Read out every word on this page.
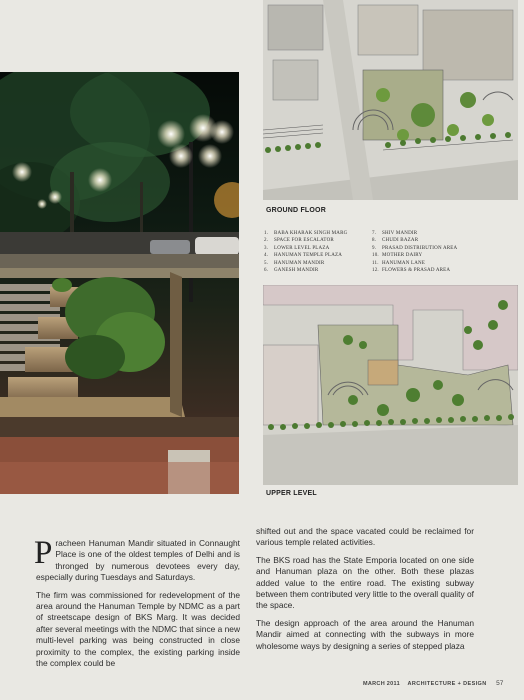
GROUND FLOOR
1. BABA KHARAK SINGH MARG
2. SPACE FOR ESCALATOR
3. LOWER LEVEL PLAZA
4. HANUMAN TEMPLE PLAZA
5. HANUMAN MANDIR
6. GANESH MANDIR
7. SHIV MANDIR
8. CHUDI BAZAR
9. PRASAD DISTRIBUTION AREA
10. MOTHER DAIRY
11. HANUMAN LANE
12. FLOWERS & PRASAD AREA
UPPER LEVEL

Pracheen Hanuman Mandir situated in Connaught Place is one of the oldest temples of Delhi and is thronged by numerous devotees every day, especially during Tuesdays and Saturdays.

The firm was commissioned for redevelopment of the area around the Hanuman Temple by NDMC as a part of streetscape design of BKS Marg. It was decided after several meetings with the NDMC that since a new multi-level parking was being constructed in close proximity to the complex, the existing parking inside the complex could be

shifted out and the space vacated could be reclaimed for various temple related activities.

The BKS road has the State Emporia located on one side and Hanuman plaza on the other. Both these plazas added value to the entire road. The existing subway between them contributed very little to the overall quality of the space.

The design approach of the area around the Hanuman Mandir aimed at connecting with the subways in more wholesome ways by designing a series of stepped plaza

MARCH 2011 ARCHITECTURE + DESIGN 57
